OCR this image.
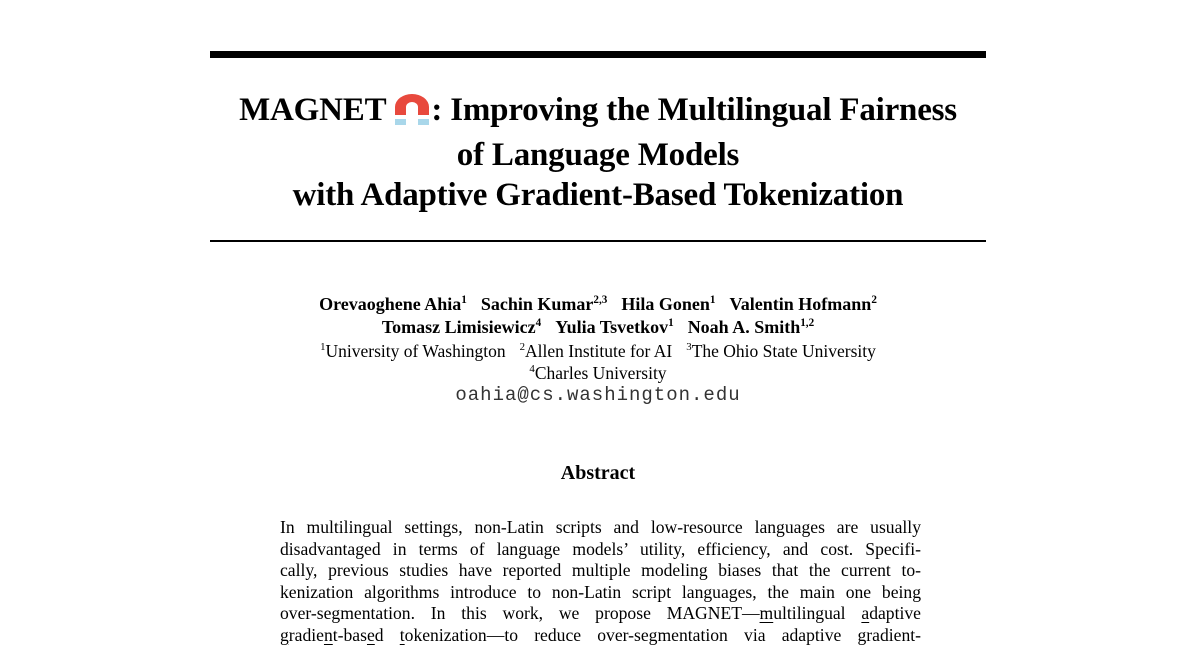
MAGNET : Improving the Multilingual Fairness
of Language Models
with Adaptive Gradient-Based Tokenization
Orevaoghene Ahia$^1$ Sachin Kumar$^{2,3}$ Hila Gonen$^1$ Valentin Hofmann$^2$
Tomasz Limisiewicz$^4$ Yulia Tsvetkov$^1$ Noah A. Smith$^{1,2}$
$^1$University of Washington $^2$Allen Institute for AI $^3$The Ohio State University
$^4$Charles University
oahia@cs.washington.edu
Abstract
In multilingual settings, non-Latin scripts and low-resource languages are usually
disadvantaged in terms of language models’ utility, efficiency, and cost. Specifi-
cally, previous studies have reported multiple modeling biases that the current to-
kenization algorithms introduce to non-Latin script languages, the main one being
over-segmentation. In this work, we propose MAGNET—multilingual adaptive
gradient-based tokenization—to reduce over-segmentation via adaptive gradient-
